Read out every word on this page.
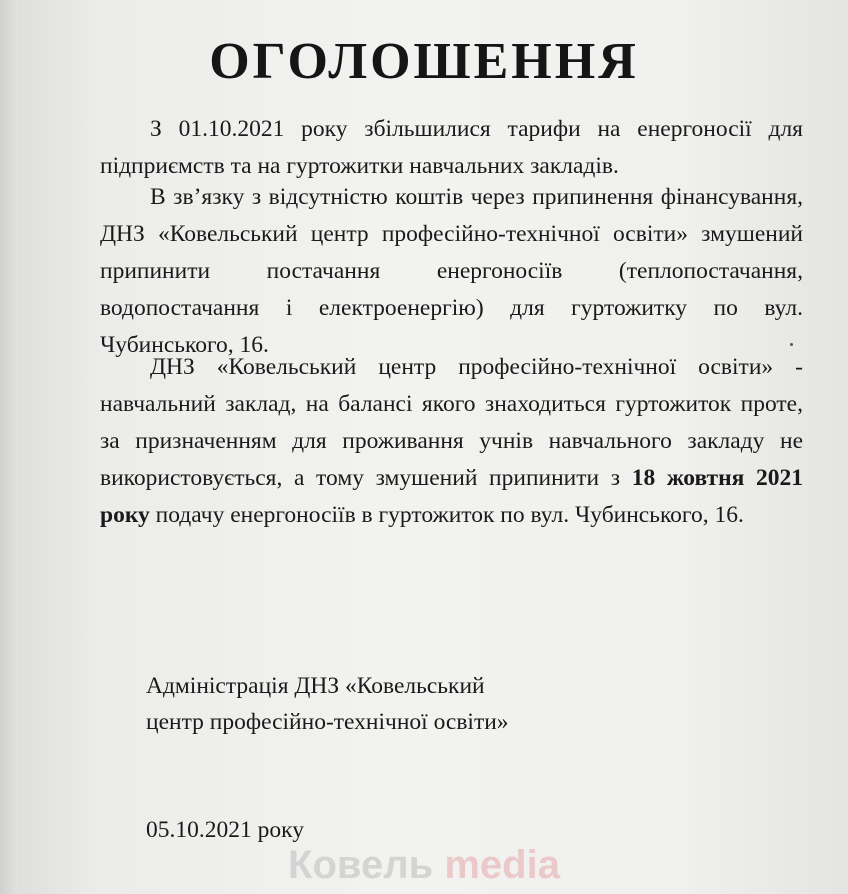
ОГОЛОШЕННЯ

З 01.10.2021 року збільшилися тарифи на енергоносії для підприємств та на гуртожитки навчальних закладів.

В зв’язку з відсутністю коштів через припинення фінансування, ДНЗ «Ковельський центр професійно-технічної освіти» змушений припинити постачання енергоносіїв (теплопостачання, водопостачання і електроенергію) для гуртожитку по вул. Чубинського, 16.

ДНЗ «Ковельський центр професійно-технічної освіти» - навчальний заклад, на балансі якого знаходиться гуртожиток проте, за призначенням для проживання учнів навчального закладу не використовується, а тому змушений припинити з 18 жовтня 2021 року подачу енергоносіїв в гуртожиток по вул. Чубинського, 16.

Адміністрація ДНЗ «Ковельський
центр професійно-технічної освіти»
05.10.2021 року
Ковель media
